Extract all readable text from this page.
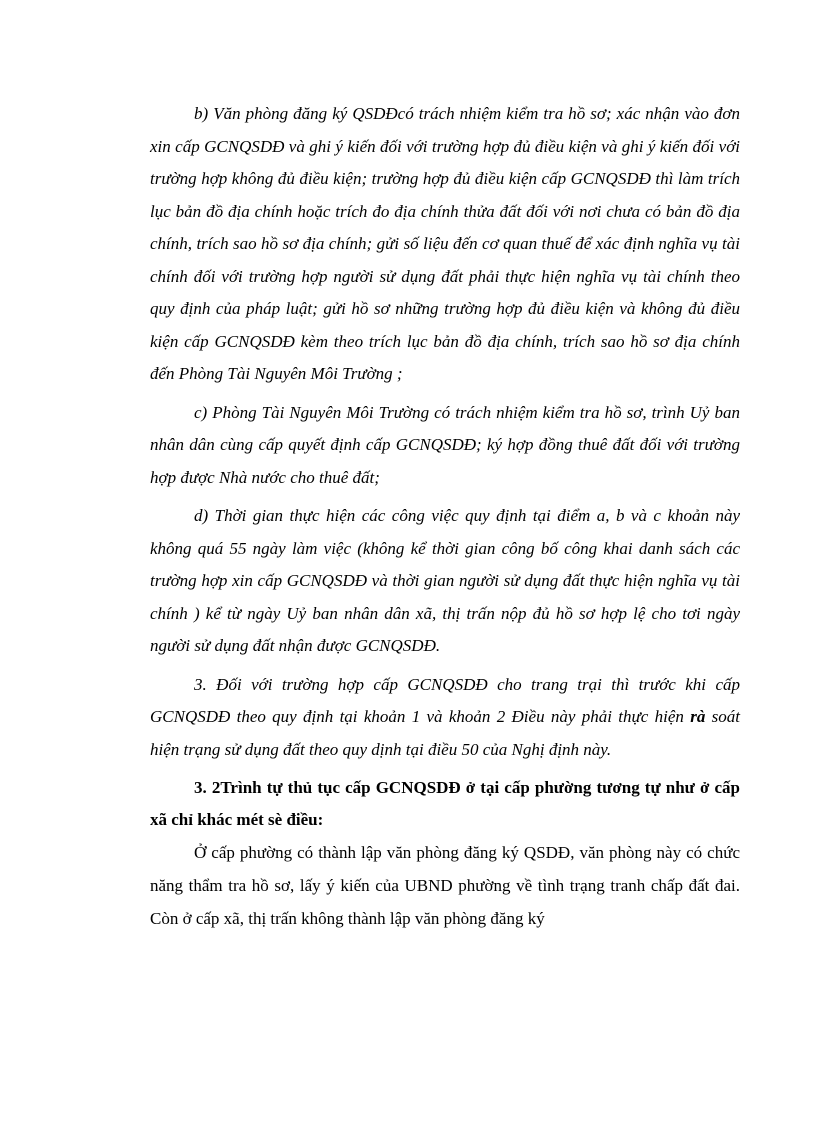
b) Văn phòng đăng ký QSDĐcó trách nhiệm kiểm tra hồ sơ; xác nhận vào đơn xin cấp GCNQSDĐ và ghi ý kiến đối với trường hợp đủ điều kiện và ghi ý kiến đối với trường hợp không đủ điều kiện; trường hợp đủ điều kiện cấp GCNQSDĐ thì làm trích lục bản đồ địa chính hoặc trích đo địa chính thửa đất đối với nơi chưa có bản đồ địa chính, trích sao hồ sơ địa chính; gửi số liệu đến cơ quan thuế để xác định nghĩa vụ tài chính đối với trường hợp người sử dụng đất phải thực hiện nghĩa vụ tài chính theo quy định của pháp luật; gửi hồ sơ những trường hợp đủ điều kiện và không đủ điều kiện cấp GCNQSDĐ kèm theo trích lục bản đồ địa chính, trích sao hồ sơ địa chính đến Phòng Tài Nguyên Môi Trường ;

c) Phòng Tài Nguyên Môi Trường có trách nhiệm kiểm tra hồ sơ, trình Uỷ ban nhân dân cùng cấp quyết định cấp GCNQSDĐ; ký hợp đồng thuê đất đối với trường hợp được Nhà nước cho thuê đất;

d) Thời gian thực hiện các công việc quy định tại điểm a, b và c khoản này không quá 55 ngày làm việc (không kể thời gian công bố công khai danh sách các trường hợp xin cấp GCNQSDĐ và thời gian người sử dụng đất thực hiện nghĩa vụ tài chính ) kể từ ngày Uỷ ban nhân dân xã, thị trấn nộp đủ hồ sơ hợp lệ cho tơi ngày người sử dụng đất nhận được GCNQSDĐ.

3. Đối với trường hợp cấp GCNQSDĐ cho trang trại thì trước khi cấp GCNQSDĐ theo quy định tại khoản 1 và khoản 2 Điều này phải thực hiện rà soát hiện trạng sử dụng đất theo quy dịnh tại điều 50 của Nghị định này.

3. 2Trình tự thủ tục cấp GCNQSDĐ ở tại cấp phường tương tự như ở cấp xã chỉ khác mét sè điều:

Ở cấp phường có thành lập văn phòng đăng ký QSDĐ, văn phòng này có chức năng thẩm tra hồ sơ, lấy ý kiến của UBND phường về tình trạng tranh chấp đất đai. Còn ở cấp xã, thị trấn không thành lập văn phòng đăng ký
